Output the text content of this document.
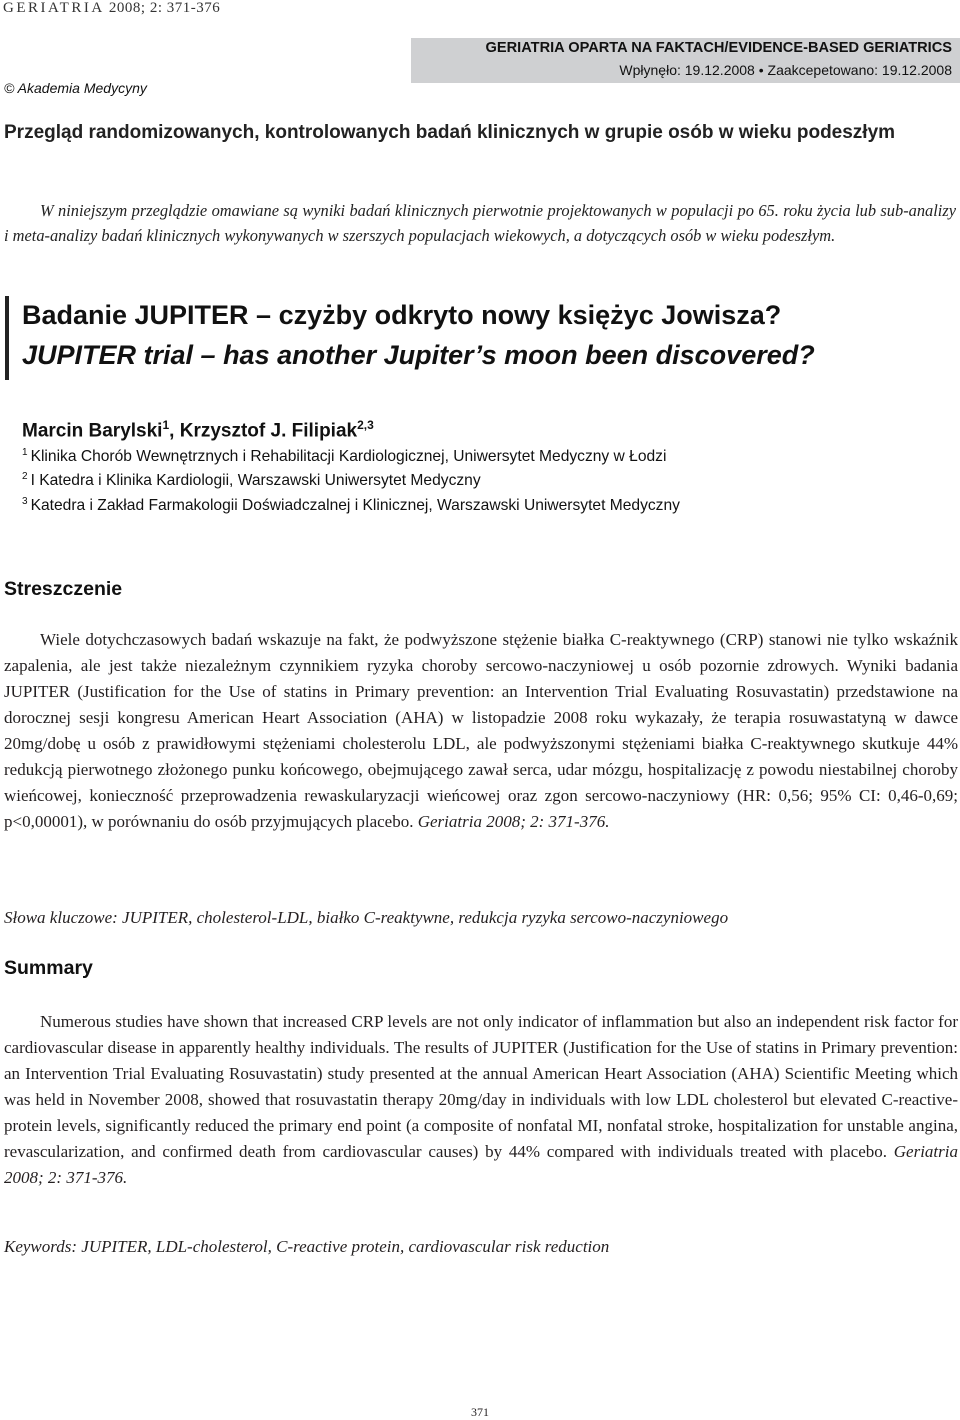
GERIATRIA 2008; 2: 371-376
© Akademia Medycyny
GERIATRIA OPARTA NA FAKTACH/EVIDENCE-BASED GERIATRICS
Wpłynęło: 19.12.2008 • Zaakcepetowano: 19.12.2008
Przegląd randomizowanych, kontrolowanych badań klinicznych w grupie osób w wieku podeszłym
W niniejszym przeglądzie omawiane są wyniki badań klinicznych pierwotnie projektowanych w populacji po 65. roku życia lub sub-analizy i meta-analizy badań klinicznych wykonywanych w szerszych populacjach wiekowych, a dotyczących osób w wieku podeszłym.
Badanie JUPITER – czyżby odkryto nowy księżyc Jowisza?
JUPITER trial – has another Jupiter’s moon been discovered?
Marcin Barylski$^1$, Krzysztof J. Filipiak$^{2,3}$
$^1$ Klinika Chorób Wewnętrznych i Rehabilitacji Kardiologicznej, Uniwersytet Medyczny w Łodzi
$^2$ I Katedra i Klinika Kardiologii, Warszawski Uniwersytet Medyczny
$^3$ Katedra i Zakład Farmakologii Doświadczalnej i Klinicznej, Warszawski Uniwersytet Medyczny
Streszczenie
Wiele dotychczasowych badań wskazuje na fakt, że podwyższone stężenie białka C-reaktywnego (CRP) stanowi nie tylko wskaźnik zapalenia, ale jest także niezależnym czynnikiem ryzyka choroby sercowo-naczyniowej u osób pozornie zdrowych. Wyniki badania JUPITER (Justification for the Use of statins in Primary prevention: an Intervention Trial Evaluating Rosuvastatin) przedstawione na dorocznej sesji kongresu American Heart Association (AHA) w listopadzie 2008 roku wykazały, że terapia rosuwastatyną w dawce 20mg/dobę u osób z prawidłowymi stężeniami cholesterolu LDL, ale podwyższonymi stężeniami białka C-reaktywnego skutkuje 44% redukcją pierwotnego złożonego punku końcowego, obejmującego zawał serca, udar mózgu, hospitalizację z powodu niestabilnej choroby wieńcowej, konieczność przeprowadzenia rewaskularyzacji wieńcowej oraz zgon sercowo-naczyniowy (HR: 0,56; 95% CI: 0,46-0,69; p<0,00001), w porównaniu do osób przyjmujących placebo. Geriatria 2008; 2: 371-376.
Słowa kluczowe: JUPITER, cholesterol-LDL, białko C-reaktywne, redukcja ryzyka sercowo-naczyniowego
Summary
Numerous studies have shown that increased CRP levels are not only indicator of inflammation but also an independent risk factor for cardiovascular disease in apparently healthy individuals. The results of JUPITER (Justification for the Use of statins in Primary prevention: an Intervention Trial Evaluating Rosuvastatin) study presented at the annual American Heart Association (AHA) Scientific Meeting which was held in November 2008, showed that rosuvastatin therapy 20mg/day in individuals with low LDL cholesterol but elevated C-reactive-protein levels, significantly reduced the primary end point (a composite of nonfatal MI, nonfatal stroke, hospitalization for unstable angina, revascularization, and confirmed death from cardiovascular causes) by 44% compared with individuals treated with placebo. Geriatria 2008; 2: 371-376.
Keywords: JUPITER, LDL-cholesterol, C-reactive protein, cardiovascular risk reduction
371
